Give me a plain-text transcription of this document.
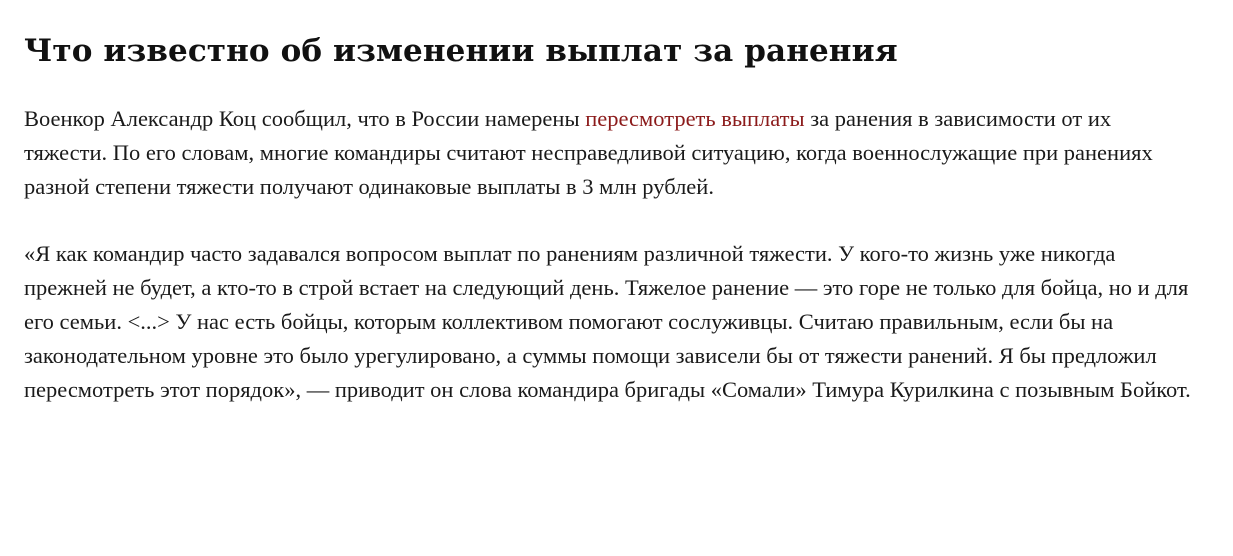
Что известно об изменении выплат за ранения

Военкор Александр Коц сообщил, что в России намерены пересмотреть выплаты за ранения в зависимости от их тяжести. По его словам, многие командиры считают несправедливой ситуацию, когда военнослужащие при ранениях разной степени тяжести получают одинаковые выплаты в 3 млн рублей.

«Я как командир часто задавался вопросом выплат по ранениям различной тяжести. У кого-то жизнь уже никогда прежней не будет, а кто-то в строй встает на следующий день. Тяжелое ранение — это горе не только для бойца, но и для его семьи. <...> У нас есть бойцы, которым коллективом помогают сослуживцы. Считаю правильным, если бы на законодательном уровне это было урегулировано, а суммы помощи зависели бы от тяжести ранений. Я бы предложил пересмотреть этот порядок», — приводит он слова командира бригады «Сомали» Тимура Курилкина с позывным Бойкот.
